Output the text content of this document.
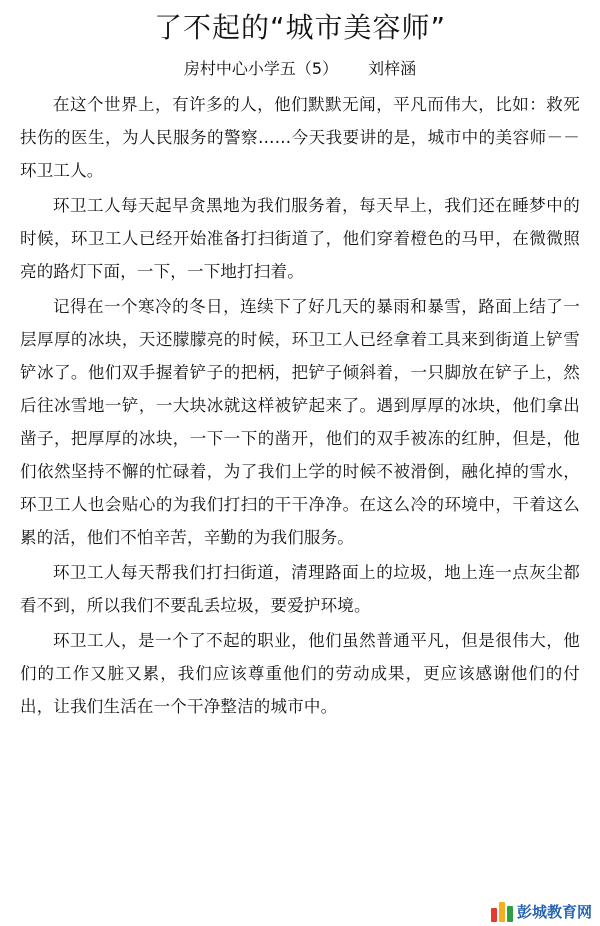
了不起的“城市美容师”
房村中心小学五（5） 刘梓涵

在这个世界上，有许多的人，他们默默无闻，平凡而伟大，比如：救死扶伤的医生，为人民服务的警察……今天我要讲的是，城市中的美容师－－环卫工人。

环卫工人每天起早贪黑地为我们服务着，每天早上，我们还在睡梦中的时候，环卫工人已经开始准备打扫街道了，他们穿着橙色的马甲，在微微照亮的路灯下面，一下，一下地打扫着。

记得在一个寒冷的冬日，连续下了好几天的暴雨和暴雪，路面上结了一层厚厚的冰块，天还朦朦亮的时候，环卫工人已经拿着工具来到街道上铲雪铲冰了。他们双手握着铲子的把柄，把铲子倾斜着，一只脚放在铲子上，然后往冰雪地一铲，一大块冰就这样被铲起来了。遇到厚厚的冰块，他们拿出凿子，把厚厚的冰块，一下一下的凿开，他们的双手被冻的红肿，但是，他们依然坚持不懈的忙碌着，为了我们上学的时候不被滑倒，融化掉的雪水，环卫工人也会贴心的为我们打扫的干干净净。在这么冷的环境中，干着这么累的活，他们不怕辛苦，辛勤的为我们服务。

环卫工人每天帮我们打扫街道，清理路面上的垃圾，地上连一点灰尘都看不到，所以我们不要乱丢垃圾，要爱护环境。

环卫工人，是一个了不起的职业，他们虽然普通平凡，但是很伟大，他们的工作又脏又累，我们应该尊重他们的劳动成果，更应该感谢他们的付出，让我们生活在一个干净整洁的城市中。

彭城教育网
